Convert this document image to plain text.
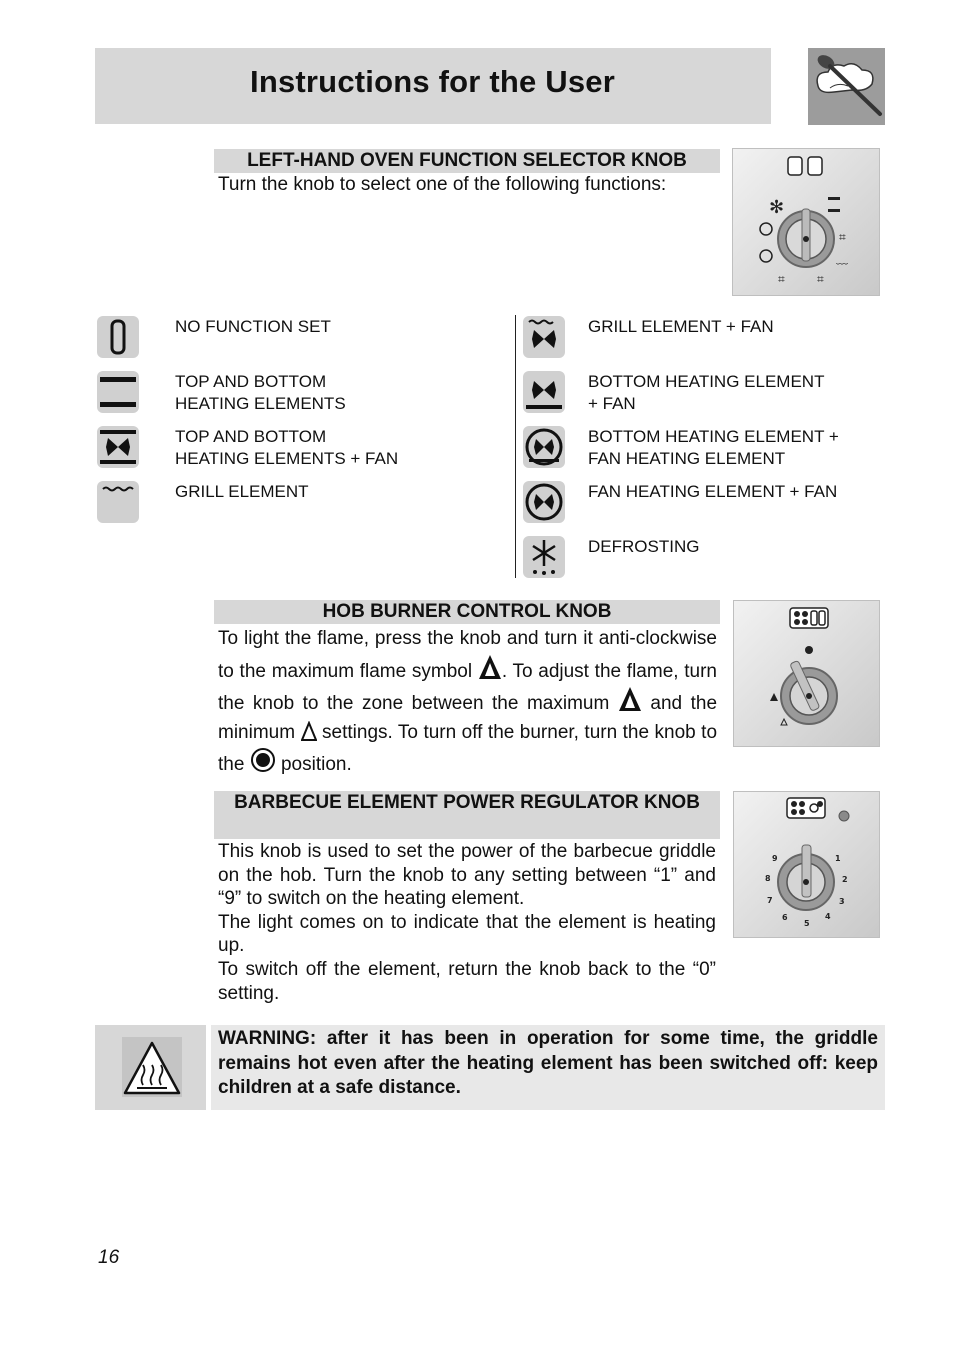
Instructions for the User
LEFT-HAND OVEN FUNCTION SELECTOR KNOB
Turn the knob to select one of the following functions:
✻
⌗
﹏
⌗	⌗
NO FUNCTION SET
TOP AND BOTTOM
HEATING ELEMENTS
TOP AND BOTTOM
HEATING ELEMENTS + FAN
GRILL ELEMENT
GRILL ELEMENT + FAN
BOTTOM HEATING ELEMENT
+ FAN
BOTTOM HEATING ELEMENT +
FAN HEATING ELEMENT
FAN HEATING ELEMENT + FAN
DEFROSTING
HOB BURNER CONTROL KNOB
To light the flame, press the knob and turn it anti-clockwise to the maximum flame symbol . To adjust the flame, turn the knob to the zone between the maximum and the minimum settings. To turn off the burner, turn the knob to the position.
BARBECUE ELEMENT POWER REGULATOR KNOB
This knob is used to set the power of the barbecue griddle on the hob. Turn the knob to any setting between “1” and “9” to switch on the heating element.
The light comes on to indicate that the element is heating up.
To switch off the element, return the knob back to the “0” setting.
1
2
3
4
5
6
7
8
9
WARNING: after it has been in operation for some time, the griddle remains hot even after the heating element has been switched off: keep children at a safe distance.
16
